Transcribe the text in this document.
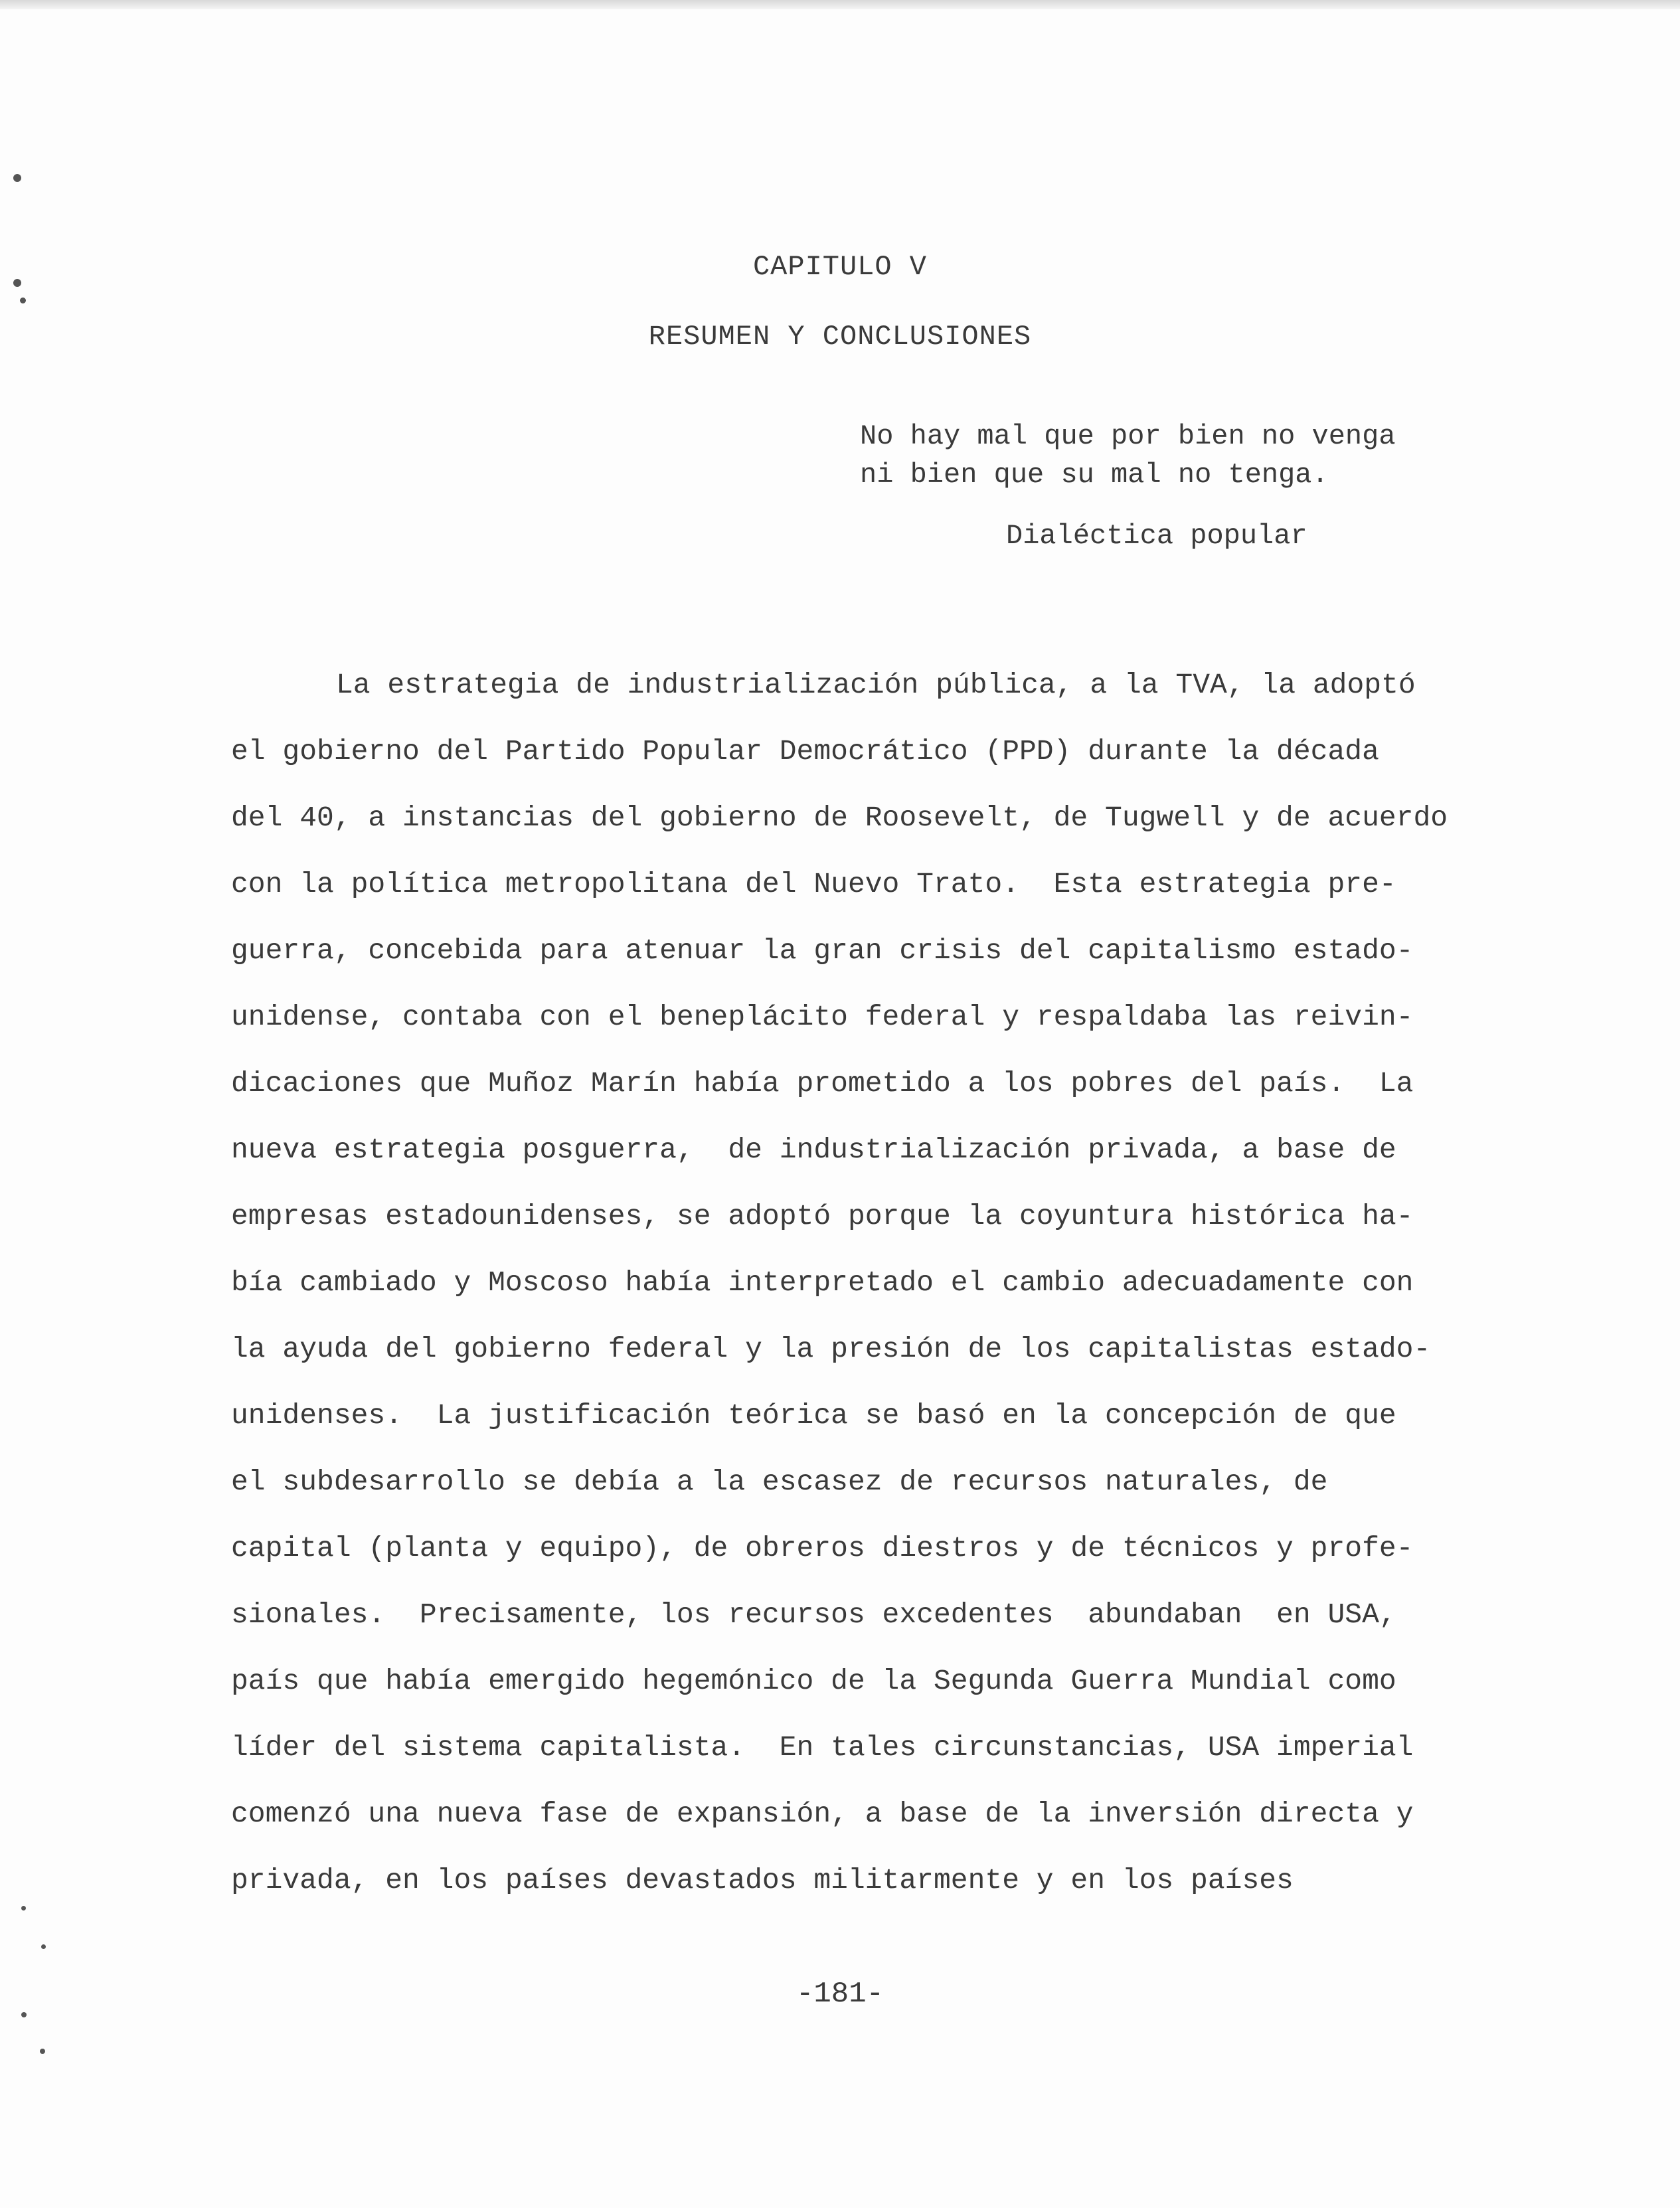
CAPITULO V
RESUMEN Y CONCLUSIONES
No hay mal que por bien no venga
ni bien que su mal no tenga.
Dialéctica popular
La estrategia de industrialización pública, a la TVA, la adoptó
el gobierno del Partido Popular Democrático (PPD) durante la década
del 40, a instancias del gobierno de Roosevelt, de Tugwell y de acuerdo
con la política metropolitana del Nuevo Trato.  Esta estrategia pre-
guerra, concebida para atenuar la gran crisis del capitalismo estado-
unidense, contaba con el beneplácito federal y respaldaba las reivin-
dicaciones que Muñoz Marín había prometido a los pobres del país.  La
nueva estrategia posguerra,  de industrialización privada, a base de
empresas estadounidenses, se adoptó porque la coyuntura histórica ha-
bía cambiado y Moscoso había interpretado el cambio adecuadamente con
la ayuda del gobierno federal y la presión de los capitalistas estado-
unidenses.  La justificación teórica se basó en la concepción de que
el subdesarrollo se debía a la escasez de recursos naturales, de
capital (planta y equipo), de obreros diestros y de técnicos y profe-
sionales.  Precisamente, los recursos excedentes  abundaban  en USA,
país que había emergido hegemónico de la Segunda Guerra Mundial como
líder del sistema capitalista.  En tales circunstancias, USA imperial
comenzó una nueva fase de expansión, a base de la inversión directa y
privada, en los países devastados militarmente y en los países
-181-
